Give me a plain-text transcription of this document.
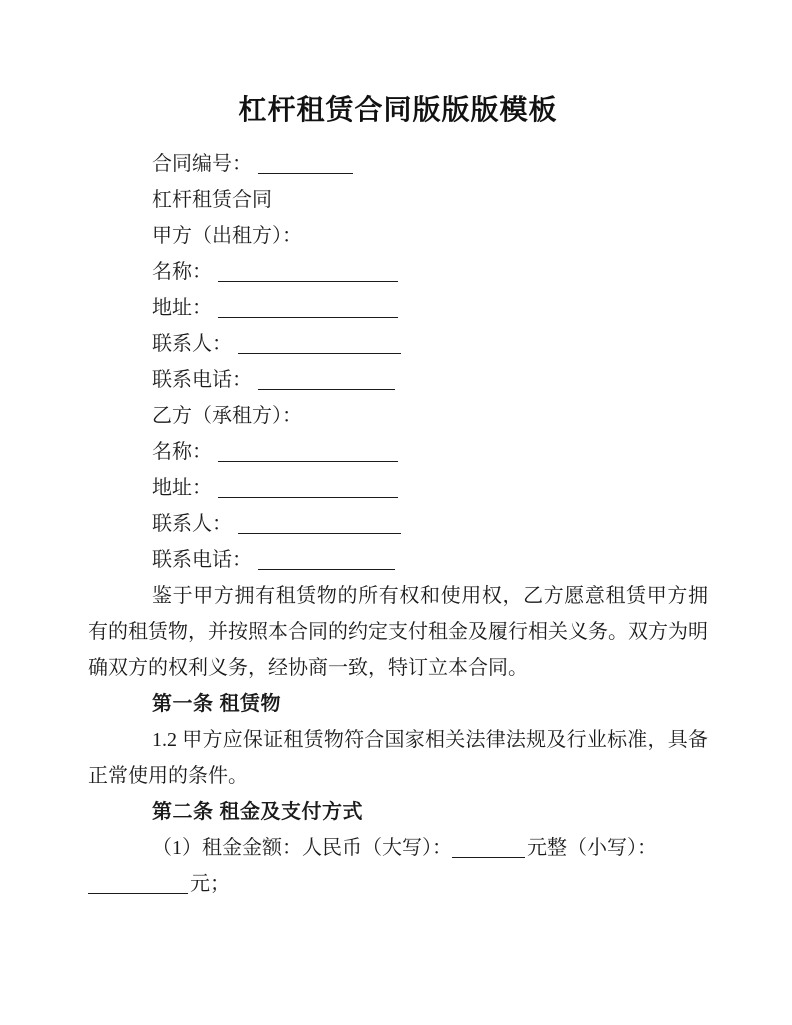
杠杆租赁合同版版版模板
合同编号：
杠杆租赁合同
甲方（出租方）：
名称：
地址：
联系人：
联系电话：
乙方（承租方）：
名称：
地址：
联系人：
联系电话：
鉴于甲方拥有租赁物的所有权和使用权，乙方愿意租赁甲方拥有的租赁物，并按照本合同的约定支付租金及履行相关义务。双方为明确双方的权利义务，经协商一致，特订立本合同。
第一条 租赁物
1.2 甲方应保证租赁物符合国家相关法律法规及行业标准，具备正常使用的条件。
第二条 租金及支付方式
（1）租金金额：人民币（大写）：	元整（小写）：
元；
